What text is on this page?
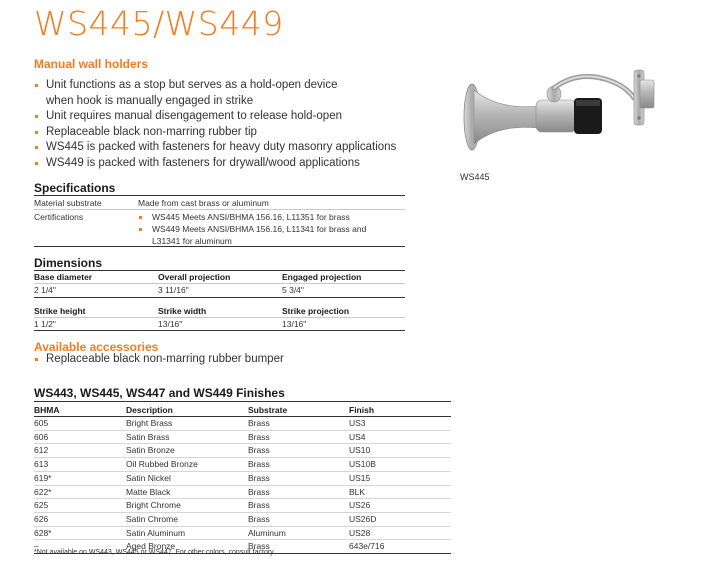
WS445/WS449
Manual wall holders
Unit functions as a stop but serves as a hold-open device
when hook is manually engaged in strike
Unit requires manual disengagement to release hold-open
Replaceable black non-marring rubber tip
WS445 is packed with fasteners for heavy duty masonry applications
WS449 is packed with fasteners for drywall/wood applications
WS445
Specifications
Material substrate	Made from cast brass or aluminum
Certifications	WS445 Meets ANSI/BHMA 156.16, L11351 for brass
WS449 Meets ANSI/BHMA 156.16, L11341 for brass and L31341 for aluminum
Dimensions
Base diameter	Overall projection	Engaged projection
2 1/4"	3 11/16"	5 3/4"
Strike height	Strike width	Strike projection
1 1/2"	13/16"	13/16"
Available accessories
Replaceable black non-marring rubber bumper
WS443, WS445, WS447 and WS449 Finishes
BHMA	Description	Substrate	Finish
605	Bright Brass	Brass	US3
606	Satin Brass	Brass	US4
612	Satin Bronze	Brass	US10
613	Oil Rubbed Bronze	Brass	US10B
619*	Satin Nickel	Brass	US15
622*	Matte Black	Brass	BLK
625	Bright Chrome	Brass	US26
626	Satin Chrome	Brass	US26D
628*	Satin Aluminum	Aluminum	US28
–	Aged Bronze	Brass	643e/716
*Not available on WS443, WS445 or WS447. For other colors, consult factory.
